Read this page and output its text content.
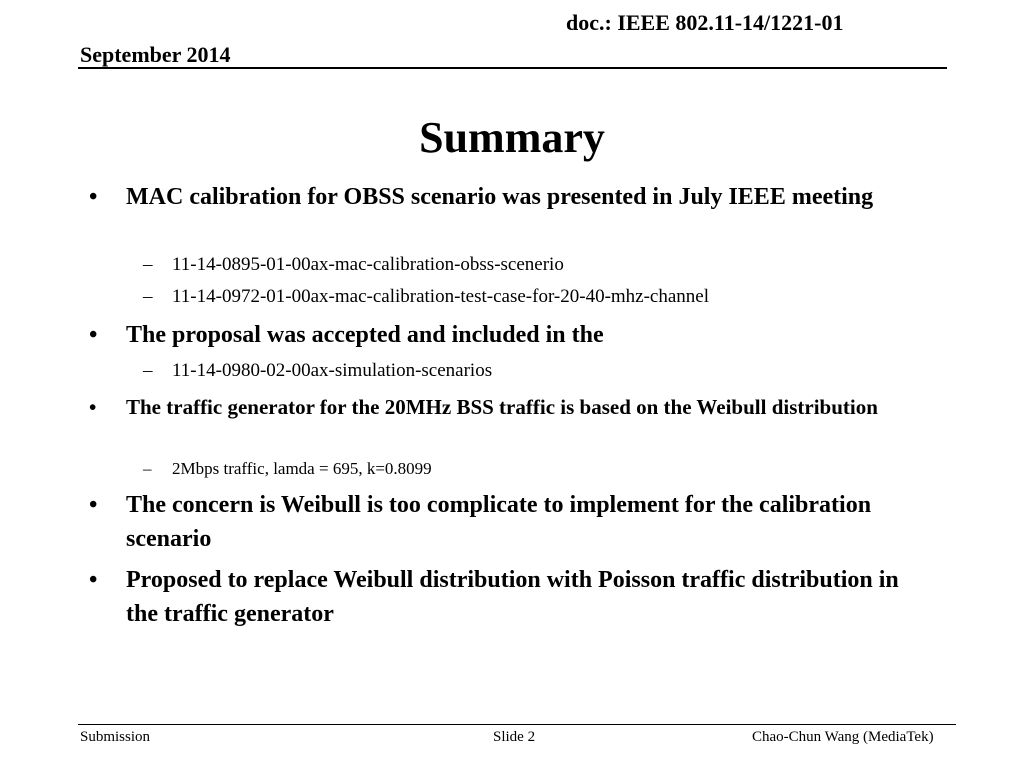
doc.: IEEE 802.11-14/1221-01
September 2014
Summary
• MAC calibration for OBSS scenario was presented in July IEEE meeting
– 11-14-0895-01-00ax-mac-calibration-obss-scenerio
– 11-14-0972-01-00ax-mac-calibration-test-case-for-20-40-mhz-channel
• The proposal was accepted and included in the
– 11-14-0980-02-00ax-simulation-scenarios
• The traffic generator for the 20MHz BSS traffic is based on the Weibull distribution
– 2Mbps traffic, lamda = 695, k=0.8099
• The concern is Weibull is too complicate to implement for the calibration scenario
• Proposed to replace Weibull distribution with Poisson traffic distribution in the traffic generator
Submission	Slide 2	Chao-Chun Wang (MediaTek)
